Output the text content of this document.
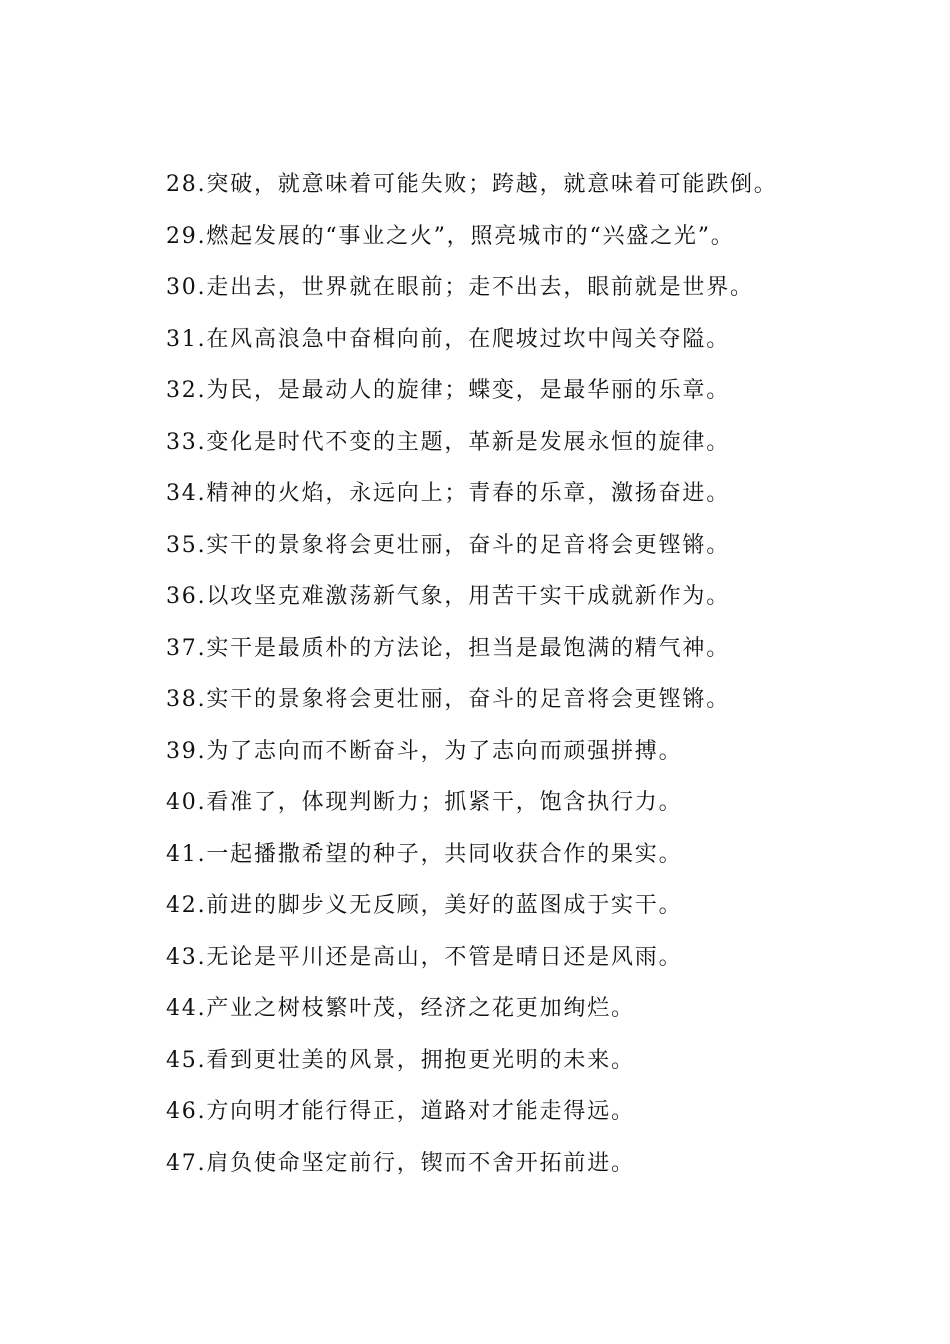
28.突破，就意味着可能失败；跨越，就意味着可能跌倒。
29.燃起发展的“事业之火”，照亮城市的“兴盛之光”。
30.走出去，世界就在眼前；走不出去，眼前就是世界。
31.在风高浪急中奋楫向前，在爬坡过坎中闯关夺隘。
32.为民，是最动人的旋律；蝶变，是最华丽的乐章。
33.变化是时代不变的主题，革新是发展永恒的旋律。
34.精神的火焰，永远向上；青春的乐章，激扬奋进。
35.实干的景象将会更壮丽，奋斗的足音将会更铿锵。
36.以攻坚克难激荡新气象，用苦干实干成就新作为。
37.实干是最质朴的方法论，担当是最饱满的精气神。
38.实干的景象将会更壮丽，奋斗的足音将会更铿锵。
39.为了志向而不断奋斗，为了志向而顽强拼搏。
40.看准了，体现判断力；抓紧干，饱含执行力。
41.一起播撒希望的种子，共同收获合作的果实。
42.前进的脚步义无反顾，美好的蓝图成于实干。
43.无论是平川还是高山，不管是晴日还是风雨。
44.产业之树枝繁叶茂，经济之花更加绚烂。
45.看到更壮美的风景，拥抱更光明的未来。
46.方向明才能行得正，道路对才能走得远。
47.肩负使命坚定前行，锲而不舍开拓前进。
